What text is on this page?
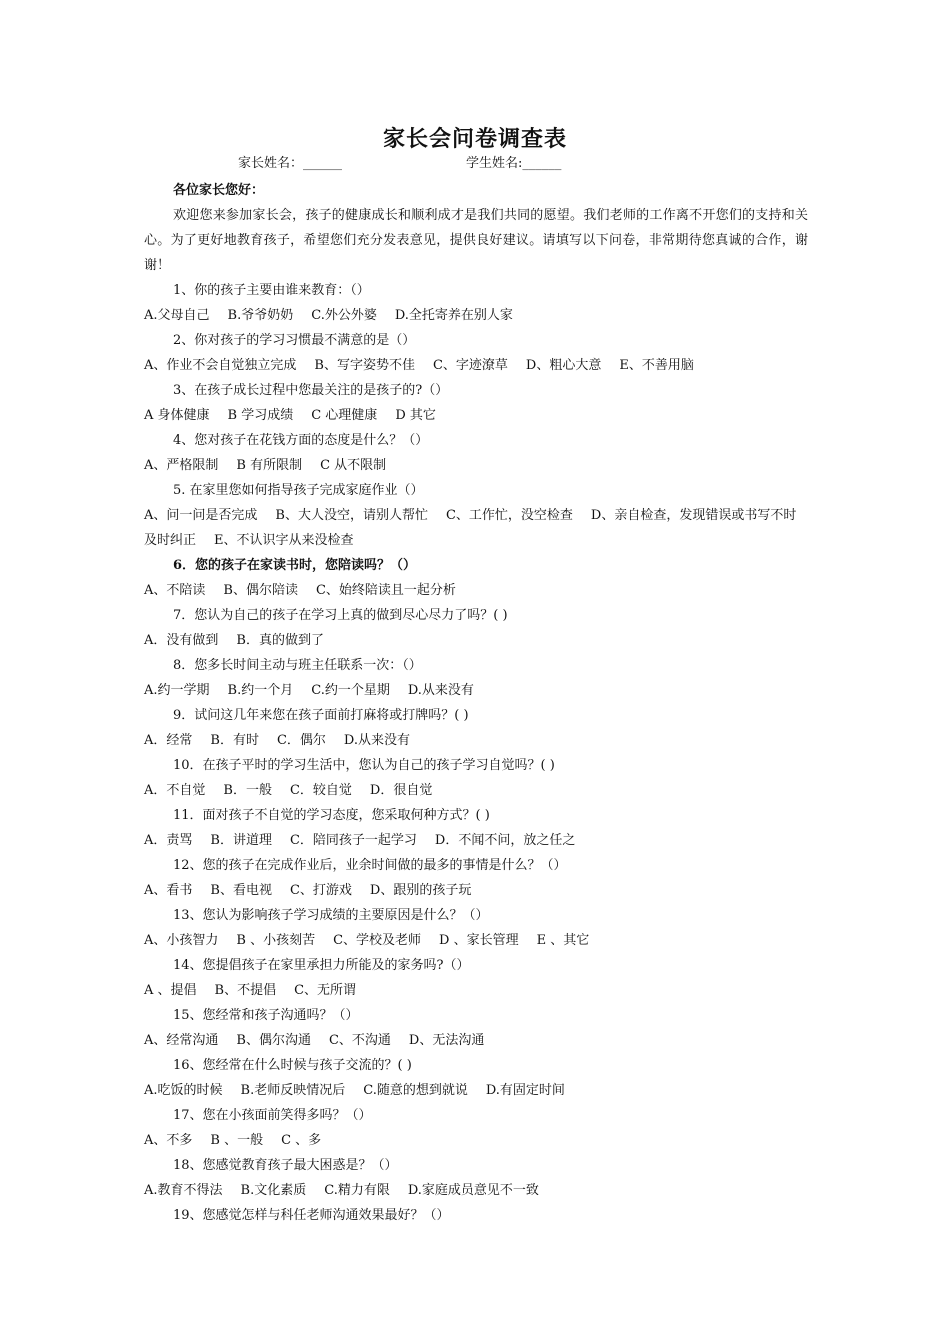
家长会问卷调查表
家长姓名：______	学生姓名:______
各位家长您好：
欢迎您来参加家长会，孩子的健康成长和顺利成才是我们共同的愿望。我们老师的工作离不开您们的支持和关心。为了更好地教育孩子，希望您们充分发表意见，提供良好建议。请填写以下问卷，非常期待您真诚的合作，谢谢！
1、你的孩子主要由谁来教育：（）
A.父母自己 B.爷爷奶奶 C.外公外婆 D.全托寄养在别人家
2、你对孩子的学习习惯最不满意的是（）
A、作业不会自觉独立完成 B、写字姿势不佳 C、字迹潦草 D、粗心大意 E、不善用脑
3、在孩子成长过程中您最关注的是孩子的?（）
A 身体健康 B 学习成绩 C 心理健康 D 其它
4、您对孩子在花钱方面的态度是什么？（）
A、严格限制 B 有所限制 C 从不限制
5. 在家里您如何指导孩子完成家庭作业（）
A、问一问是否完成 B、大人没空，请别人帮忙 C、工作忙，没空检查 D、亲自检查，发现错误或书写不时及时纠正 E、不认识字从来没检查
6．您的孩子在家读书时，您陪读吗？（）
A、不陪读 B、偶尔陪读 C、始终陪读且一起分析
7．您认为自己的孩子在学习上真的做到尽心尽力了吗？( )
A．没有做到 B．真的做到了
8．您多长时间主动与班主任联系一次：（）
A.约一学期 B.约一个月 C.约一个星期 D.从来没有
9．试问这几年来您在孩子面前打麻将或打牌吗？( )
A．经常 B．有时 C．偶尔 D.从来没有
10．在孩子平时的学习生活中，您认为自己的孩子学习自觉吗？( )
A．不自觉 B．一般 C．较自觉 D．很自觉
11．面对孩子不自觉的学习态度，您采取何种方式？( )
A．责骂 B．讲道理 C．陪同孩子一起学习 D．不闻不问，放之任之
12、您的孩子在完成作业后，业余时间做的最多的事情是什么？（）
A、看书 B、看电视 C、打游戏 D、跟别的孩子玩
13、您认为影响孩子学习成绩的主要原因是什么？（）
A、小孩智力 B 、小孩刻苦 C、学校及老师 D 、家长管理 E 、其它
14、您提倡孩子在家里承担力所能及的家务吗?（）
A 、提倡 B、不提倡 C、无所谓
15、您经常和孩子沟通吗？（）
A、经常沟通 B、偶尔沟通 C、不沟通 D、无法沟通
16、您经常在什么时候与孩子交流的？( )
A.吃饭的时候 B.老师反映情况后 C.随意的想到就说 D.有固定时间
17、您在小孩面前笑得多吗？（）
A、不多 B 、一般 C 、多
18、您感觉教育孩子最大困惑是？（）
A.教育不得法 B.文化素质 C.精力有限 D.家庭成员意见不一致
19、您感觉怎样与科任老师沟通效果最好？（）
